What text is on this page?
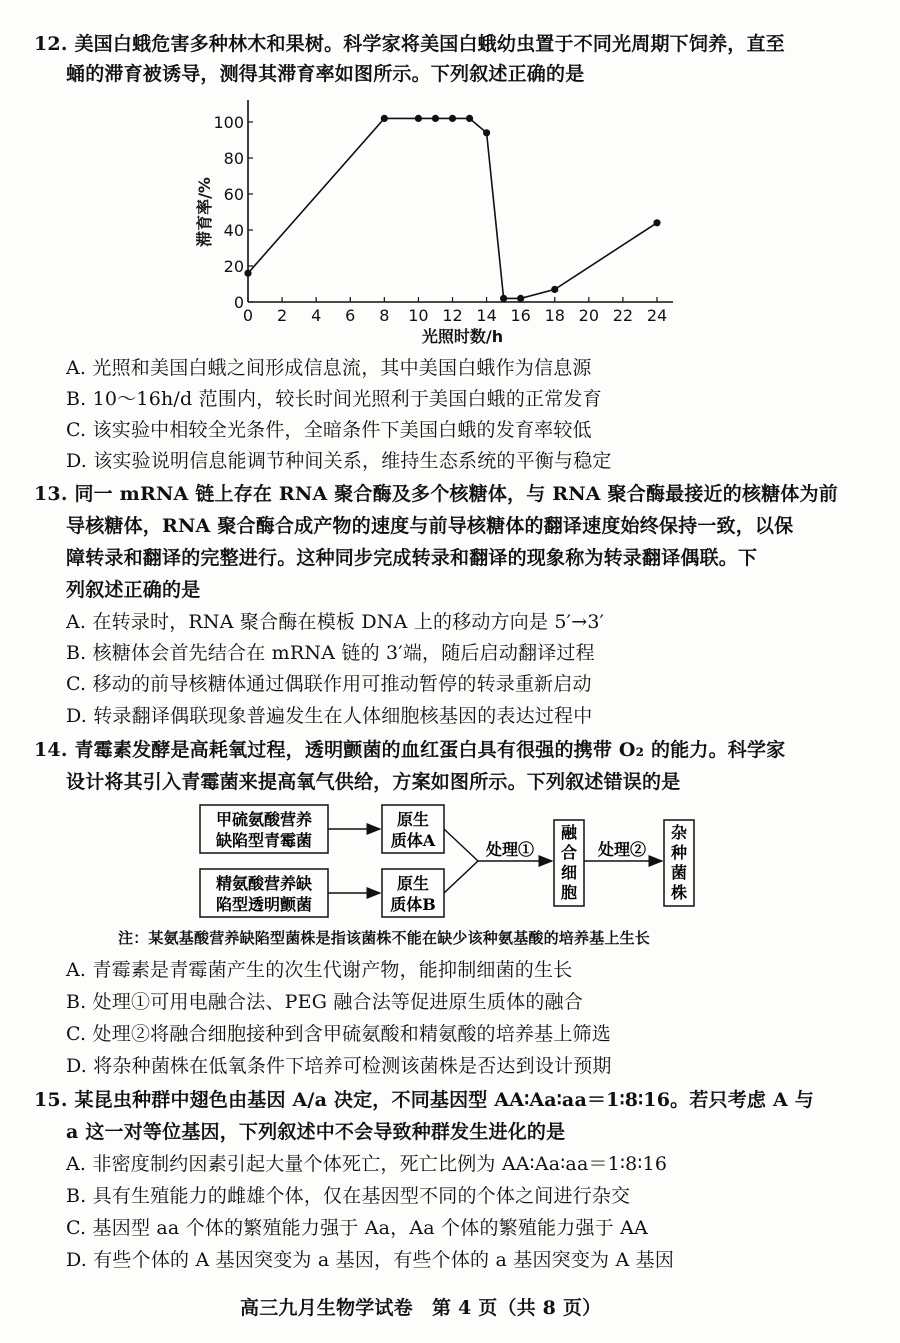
12. 美国白蛾危害多种林木和果树。科学家将美国白蛾幼虫置于不同光周期下饲养，直至
蛹的滞育被诱导，测得其滞育率如图所示。下列叙述正确的是
0 2 4 6 8 10 12 14 16 18 20 22 24
0
20
40
60
80
100
光照时数/h
滞育率/%
A. 光照和美国白蛾之间形成信息流，其中美国白蛾作为信息源
B. 10～16h/d 范围内，较长时间光照利于美国白蛾的正常发育
C. 该实验中相较全光条件，全暗条件下美国白蛾的发育率较低
D. 该实验说明信息能调节种间关系，维持生态系统的平衡与稳定
13. 同一 mRNA 链上存在 RNA 聚合酶及多个核糖体，与 RNA 聚合酶最接近的核糖体为前
导核糖体，RNA 聚合酶合成产物的速度与前导核糖体的翻译速度始终保持一致，以保
障转录和翻译的完整进行。这种同步完成转录和翻译的现象称为转录翻译偶联。下
列叙述正确的是
A. 在转录时，RNA 聚合酶在模板 DNA 上的移动方向是 5′→3′
B. 核糖体会首先结合在 mRNA 链的 3′端，随后启动翻译过程
C. 移动的前导核糖体通过偶联作用可推动暂停的转录重新启动
D. 转录翻译偶联现象普遍发生在人体细胞核基因的表达过程中
14. 青霉素发酵是高耗氧过程，透明颤菌的血红蛋白具有很强的携带 O₂ 的能力。科学家
设计将其引入青霉菌来提高氧气供给，方案如图所示。下列叙述错误的是
甲硫氨酸营养
缺陷型青霉菌
精氨酸营养缺
陷型透明颤菌
原生
质体A
原生
质体B
处理①
融
合
细
胞
处理②
杂
种
菌
株
注：某氨基酸营养缺陷型菌株是指该菌株不能在缺少该种氨基酸的培养基上生长
A. 青霉素是青霉菌产生的次生代谢产物，能抑制细菌的生长
B. 处理①可用电融合法、PEG 融合法等促进原生质体的融合
C. 处理②将融合细胞接种到含甲硫氨酸和精氨酸的培养基上筛选
D. 将杂种菌株在低氧条件下培养可检测该菌株是否达到设计预期
15. 某昆虫种群中翅色由基因 A/a 决定，不同基因型 AA∶Aa∶aa＝1∶8∶16。若只考虑 A 与
a 这一对等位基因，下列叙述中不会导致种群发生进化的是
A. 非密度制约因素引起大量个体死亡，死亡比例为 AA∶Aa∶aa＝1∶8∶16
B. 具有生殖能力的雌雄个体，仅在基因型不同的个体之间进行杂交
C. 基因型 aa 个体的繁殖能力强于 Aa，Aa 个体的繁殖能力强于 AA
D. 有些个体的 A 基因突变为 a 基因，有些个体的 a 基因突变为 A 基因
高三九月生物学试卷　第 4 页（共 8 页）
